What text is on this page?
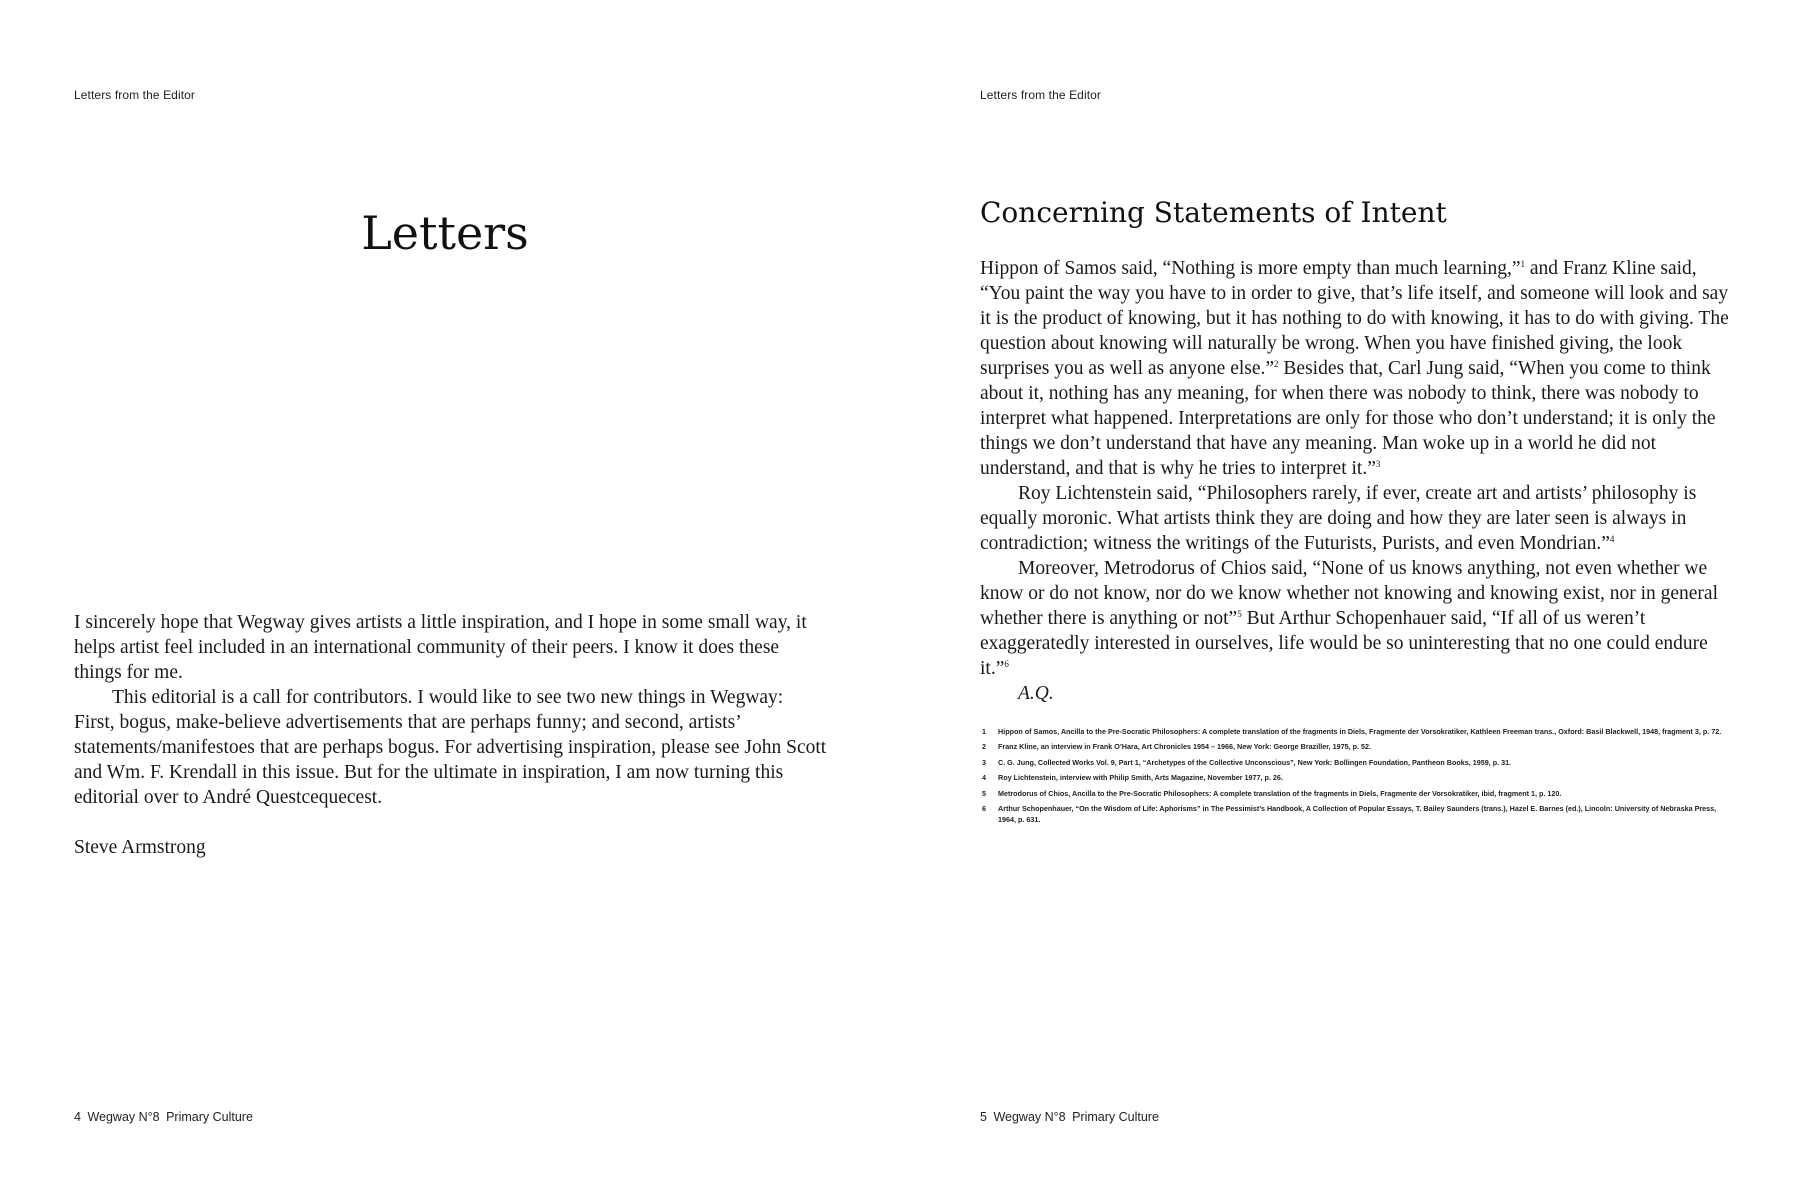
Letters from the Editor
Letters

I sincerely hope that Wegway gives artists a little inspiration, and I hope in some small way, it helps artist feel included in an international community of their peers. I know it does these things for me.

This editorial is a call for contributors. I would like to see two new things in Wegway: First, bogus, make-believe advertisements that are perhaps funny; and second, artists’ statements/manifestoes that are perhaps bogus. For advertising inspiration, please see John Scott and Wm. F. Krendall in this issue. But for the ultimate in inspiration, I am now turning this editorial over to André Questcequecest.

Steve Armstrong

4 Wegway N°8 Primary Culture
Letters from the Editor
Concerning Statements of Intent

Hippon of Samos said, “Nothing is more empty than much learning,”$^1$ and Franz Kline said, “You paint the way you have to in order to give, that’s life itself, and someone will look and say it is the product of knowing, but it has nothing to do with knowing, it has to do with giving. The question about knowing will naturally be wrong. When you have finished giving, the look surprises you as well as anyone else.”$^2$ Besides that, Carl Jung said, “When you come to think about it, nothing has any meaning, for when there was nobody to think, there was nobody to interpret what happened. Interpretations are only for those who don’t understand; it is only the things we don’t understand that have any meaning. Man woke up in a world he did not understand, and that is why he tries to interpret it.”$^3$

Roy Lichtenstein said, “Philosophers rarely, if ever, create art and artists’ philosophy is equally moronic. What artists think they are doing and how they are later seen is always in contradiction; witness the writings of the Futurists, Purists, and even Mondrian.”$^4$

Moreover, Metrodorus of Chios said, “None of us knows anything, not even whether we know or do not know, nor do we know whether not knowing and knowing exist, nor in general whether there is anything or not”$^5$ But Arthur Schopenhauer said, “If all of us weren’t exaggeratedly interested in ourselves, life would be so uninteresting that no one could endure it.”$^6$

A.Q.

1	Hippon of Samos, Ancilla to the Pre-Socratic Philosophers: A complete translation of the fragments in Diels, Fragmente der Vorsokratiker, Kathleen Freeman trans., Oxford: Basil Blackwell, 1948, fragment 3, p. 72.
2	Franz Kline, an interview in Frank O’Hara, Art Chronicles 1954 – 1966, New York: George Braziller, 1975, p. 52.
3	C. G. Jung, Collected Works Vol. 9, Part 1, “Archetypes of the Collective Unconscious”, New York: Bollingen Foundation, Pantheon Books, 1959, p. 31.
4	Roy Lichtenstein, interview with Philip Smith, Arts Magazine, November 1977, p. 26.
5	Metrodorus of Chios, Ancilla to the Pre-Socratic Philosophers: A complete translation of the fragments in Diels, Fragmente der Vorsokratiker, ibid, fragment 1, p. 120.
6	Arthur Schopenhauer, “On the Wisdom of Life: Aphorisms” in The Pessimist’s Handbook, A Collection of Popular Essays, T. Bailey Saunders (trans.), Hazel E. Barnes (ed.), Lincoln: University of Nebraska Press, 1964, p. 631.
5 Wegway N°8 Primary Culture
